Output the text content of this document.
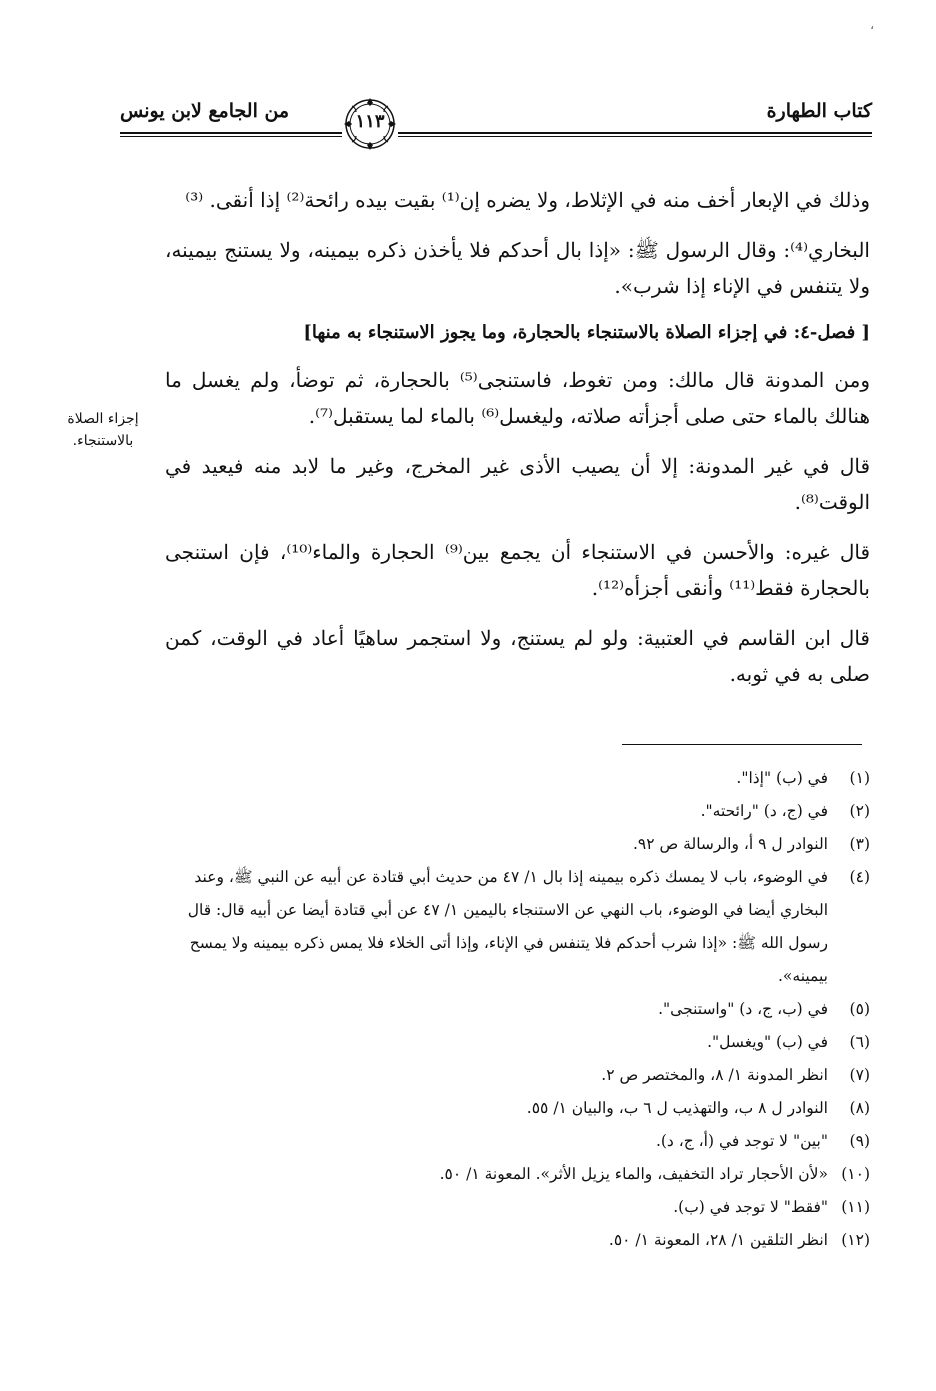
،
كتاب الطهارة
من الجامع لابن يونس	١١٣

وذلك في الإبعار أخف منه في الإثلاط، ولا يضره إن⁽¹⁾ بقيت بيده رائحة⁽²⁾ إذا أنقى. ⁽³⁾

البخاري⁽⁴⁾: وقال الرسول ﷺ: «إذا بال أحدكم فلا يأخذن ذكره بيمينه، ولا يستنج بيمينه، ولا يتنفس في الإناء إذا شرب».

[ فصل-٤: في إجزاء الصلاة بالاستنجاء بالحجارة، وما يجوز الاستنجاء به منها]

ومن المدونة قال مالك: ومن تغوط، فاستنجى⁽⁵⁾ بالحجارة، ثم توضأ، ولم يغسل ما هنالك بالماء حتى صلى أجزأته صلاته، وليغسل⁽⁶⁾ بالماء لما يستقبل⁽⁷⁾.

قال في غير المدونة: إلا أن يصيب الأذى غير المخرج، وغير ما لابد منه فيعيد في الوقت⁽⁸⁾.

قال غيره: والأحسن في الاستنجاء أن يجمع بين⁽⁹⁾ الحجارة والماء⁽¹⁰⁾، فإن استنجى بالحجارة فقط⁽¹¹⁾ وأنقى أجزأه⁽¹²⁾.

قال ابن القاسم في العتبية: ولو لم يستنج، ولا استجمر ساهيًا أعاد في الوقت، كمن صلى به في ثوبه.

إجزاء الصلاة بالاستنجاء.
(١)
في (ب) "إذا".
(٢)
في (ج، د) "رائحته".
(٣)
النوادر ل ٩ أ، والرسالة ص ٩٢.
(٤)
في الوضوء، باب لا يمسك ذكره بيمينه إذا بال ١/ ٤٧ من حديث أبي قتادة عن أبيه عن النبي ﷺ، وعند البخاري أيضا في الوضوء، باب النهي عن الاستنجاء باليمين ١/ ٤٧ عن أبي قتادة أيضا عن أبيه قال: قال رسول الله ﷺ: «إذا شرب أحدكم فلا يتنفس في الإناء، وإذا أتى الخلاء فلا يمس ذكره بيمينه ولا يمسح بيمينه».
(٥)
في (ب، ج، د) "واستنجى".
(٦)
في (ب) "ويغسل".
(٧)
انظر المدونة ١/ ٨، والمختصر ص ٢.
(٨)
النوادر ل ٨ ب، والتهذيب ل ٦ ب، والبيان ١/ ٥٥.
(٩)
"بين" لا توجد في (أ، ج، د).
(١٠)
«لأن الأحجار تراد التخفيف، والماء يزيل الأثر». المعونة ١/ ٥٠.
(١١)
"فقط" لا توجد في (ب).
(١٢)
انظر التلقين ١/ ٢٨، المعونة ١/ ٥٠.
